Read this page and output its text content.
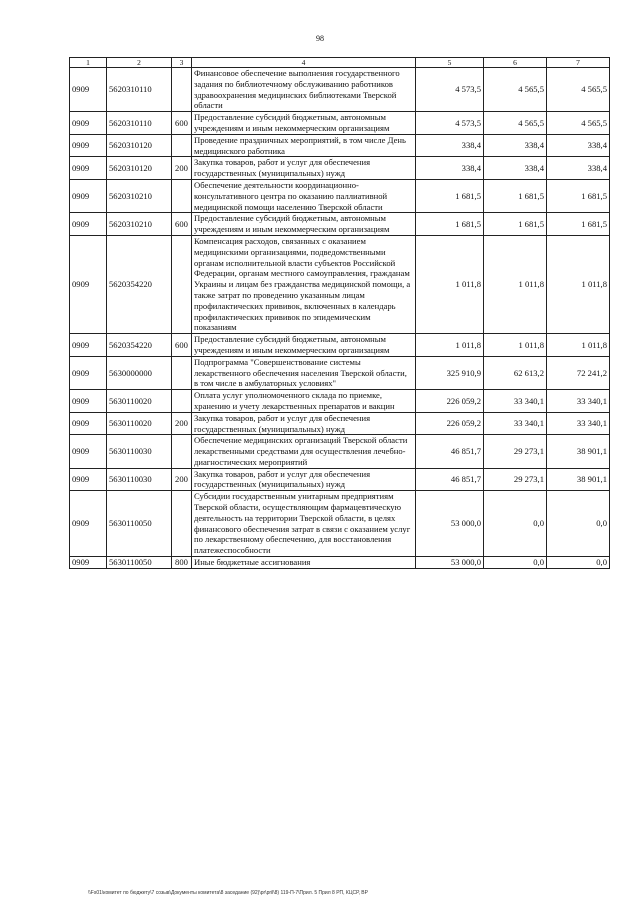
98
1	2	3	4	5	6	7
0909	5620310110		Финансовое обеспечение выполнения государственного задания по библиотечному обслуживанию работников здравоохранения медицинских библиотеками Тверской области	4 573,5	4 565,5	4 565,5
0909	5620310110	600	Предоставление субсидий бюджетным, автономным учреждениям и иным некоммерческим организациям	4 573,5	4 565,5	4 565,5
0909	5620310120		Проведение праздничных мероприятий, в том числе День медицинского работника	338,4	338,4	338,4
0909	5620310120	200	Закупка товаров, работ и услуг для обеспечения государственных (муниципальных) нужд	338,4	338,4	338,4
0909	5620310210		Обеспечение деятельности координационно-консультативного центра по оказанию паллиативной медицинской помощи населению Тверской области	1 681,5	1 681,5	1 681,5
0909	5620310210	600	Предоставление субсидий бюджетным, автономным учреждениям и иным некоммерческим организациям	1 681,5	1 681,5	1 681,5
0909	5620354220		Компенсация расходов, связанных с оказанием медицинскими организациями, подведомственными органам исполнительной власти субъектов Российской Федерации, органам местного самоуправления, гражданам Украины и лицам без гражданства медицинской помощи, а также затрат по проведению указанным лицам профилактических прививок, включенных в календарь профилактических прививок по эпидемическим показаниям	1 011,8	1 011,8	1 011,8
0909	5620354220	600	Предоставление субсидий бюджетным, автономным учреждениям и иным некоммерческим организациям	1 011,8	1 011,8	1 011,8
0909	5630000000		Подпрограмма "Совершенствование системы лекарственного обеспечения населения Тверской области, в том числе в амбулаторных условиях"	325 910,9	62 613,2	72 241,2
0909	5630110020		Оплата услуг уполномоченного склада по приемке, хранению и учету лекарственных препаратов и вакцин	226 059,2	33 340,1	33 340,1
0909	5630110020	200	Закупка товаров, работ и услуг для обеспечения государственных (муниципальных) нужд	226 059,2	33 340,1	33 340,1
0909	5630110030		Обеспечение медицинских организаций Тверской области лекарственными средствами для осуществления лечебно-диагностических мероприятий	46 851,7	29 273,1	38 901,1
0909	5630110030	200	Закупка товаров, работ и услуг для обеспечения государственных (муниципальных) нужд	46 851,7	29 273,1	38 901,1
0909	5630110050		Субсидии государственным унитарным предприятиям Тверской области, осуществляющим фармацевтическую деятельность на территории Тверской области, в целях финансового обеспечения затрат в связи с оказанием услуг по лекарственному обеспечению, для восстановления платежеспособности	53 000,0	0,0	0,0
0909	5630110050	800	Иные бюджетные ассигнования	53 000,0	0,0	0,0
\\Fs01\комитет по бюджету\7 созыв\Документы комитета\8 заседание (92)\pr\pril\8) 119-П-7\Прил. 5 Прил 8 РП, КЦСР, ВР
